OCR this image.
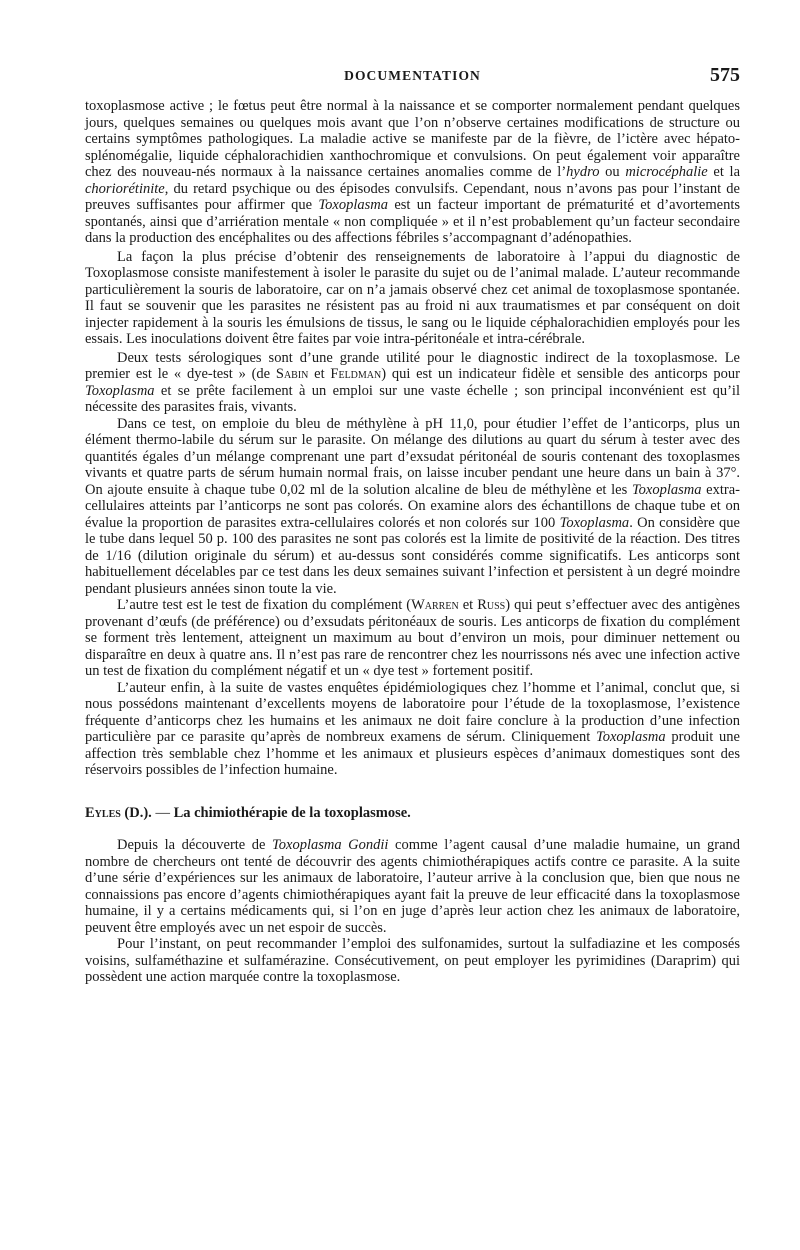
DOCUMENTATION	575

toxoplasmose active ; le fœtus peut être normal à la naissance et se comporter normalement pendant quelques jours, quelques semaines ou quelques mois avant que l’on n’observe certaines modifications de structure ou certains symptômes pathologiques. La maladie active se manifeste par de la fièvre, de l’ictère avec hépato-splénomégalie, liquide céphalorachidien xanthochromique et convulsions. On peut également voir apparaître chez des nouveau-nés normaux à la naissance certaines anomalies comme de l’hydro ou microcéphalie et la choriorétinite, du retard psychique ou des épisodes convulsifs. Cependant, nous n’avons pas pour l’instant de preuves suffisantes pour affirmer que Toxoplasma est un facteur important de prématurité et d’avortements spontanés, ainsi que d’arriération mentale « non compliquée » et il n’est probablement qu’un facteur secondaire dans la production des encéphalites ou des affections fébriles s’accompagnant d’adénopathies.

La façon la plus précise d’obtenir des renseignements de laboratoire à l’appui du diagnostic de Toxoplasmose consiste manifestement à isoler le parasite du sujet ou de l’animal malade. L’auteur recommande particulièrement la souris de laboratoire, car on n’a jamais observé chez cet animal de toxoplasmose spontanée. Il faut se souvenir que les parasites ne résistent pas au froid ni aux traumatismes et par conséquent on doit injecter rapidement à la souris les émulsions de tissus, le sang ou le liquide céphalorachidien employés pour les essais. Les inoculations doivent être faites par voie intra-péritonéale et intra-cérébrale.

Deux tests sérologiques sont d’une grande utilité pour le diagnostic indirect de la toxoplasmose. Le premier est le « dye-test » (de Sabin et Feldman) qui est un indicateur fidèle et sensible des anticorps pour Toxoplasma et se prête facilement à un emploi sur une vaste échelle ; son principal inconvénient est qu’il nécessite des parasites frais, vivants.

Dans ce test, on emploie du bleu de méthylène à pH 11,0, pour étudier l’effet de l’anticorps, plus un élément thermo-labile du sérum sur le parasite. On mélange des dilutions au quart du sérum à tester avec des quantités égales d’un mélange comprenant une part d’exsudat péritonéal de souris contenant des toxoplasmes vivants et quatre parts de sérum humain normal frais, on laisse incuber pendant une heure dans un bain à 37°. On ajoute ensuite à chaque tube 0,02 ml de la solution alcaline de bleu de méthylène et les Toxoplasma extra-cellulaires atteints par l’anticorps ne sont pas colorés. On examine alors des échantillons de chaque tube et on évalue la proportion de parasites extra-cellulaires colorés et non colorés sur 100 Toxoplasma. On considère que le tube dans lequel 50 p. 100 des parasites ne sont pas colorés est la limite de positivité de la réaction. Des titres de 1/16 (dilution originale du sérum) et au-dessus sont considérés comme significatifs. Les anticorps sont habituellement décelables par ce test dans les deux semaines suivant l’infection et persistent à un degré moindre pendant plusieurs années sinon toute la vie.

L’autre test est le test de fixation du complément (Warren et Russ) qui peut s’effectuer avec des antigènes provenant d’œufs (de préférence) ou d’exsudats péritonéaux de souris. Les anticorps de fixation du complément se forment très lentement, atteignent un maximum au bout d’environ un mois, pour diminuer nettement ou disparaître en deux à quatre ans. Il n’est pas rare de rencontrer chez les nourrissons nés avec une infection active un test de fixation du complément négatif et un « dye test » fortement positif.

L’auteur enfin, à la suite de vastes enquêtes épidémiologiques chez l’homme et l’animal, conclut que, si nous possédons maintenant d’excellents moyens de laboratoire pour l’étude de la toxoplasmose, l’existence fréquente d’anticorps chez les humains et les animaux ne doit faire conclure à la production d’une infection particulière par ce parasite qu’après de nombreux examens de sérum. Cliniquement Toxoplasma produit une affection très semblable chez l’homme et les animaux et plusieurs espèces d’animaux domestiques sont des réservoirs possibles de l’infection humaine.

Eyles (D.). — La chimiothérapie de la toxoplasmose.

Depuis la découverte de Toxoplasma Gondii comme l’agent causal d’une maladie humaine, un grand nombre de chercheurs ont tenté de découvrir des agents chimiothérapiques actifs contre ce parasite. A la suite d’une série d’expériences sur les animaux de laboratoire, l’auteur arrive à la conclusion que, bien que nous ne connaissions pas encore d’agents chimiothérapiques ayant fait la preuve de leur efficacité dans la toxoplasmose humaine, il y a certains médicaments qui, si l’on en juge d’après leur action chez les animaux de laboratoire, peuvent être employés avec un net espoir de succès.

Pour l’instant, on peut recommander l’emploi des sulfonamides, surtout la sulfadiazine et les composés voisins, sulfaméthazine et sulfamérazine. Consécutivement, on peut employer les pyrimidines (Daraprim) qui possèdent une action marquée contre la toxoplasmose.
